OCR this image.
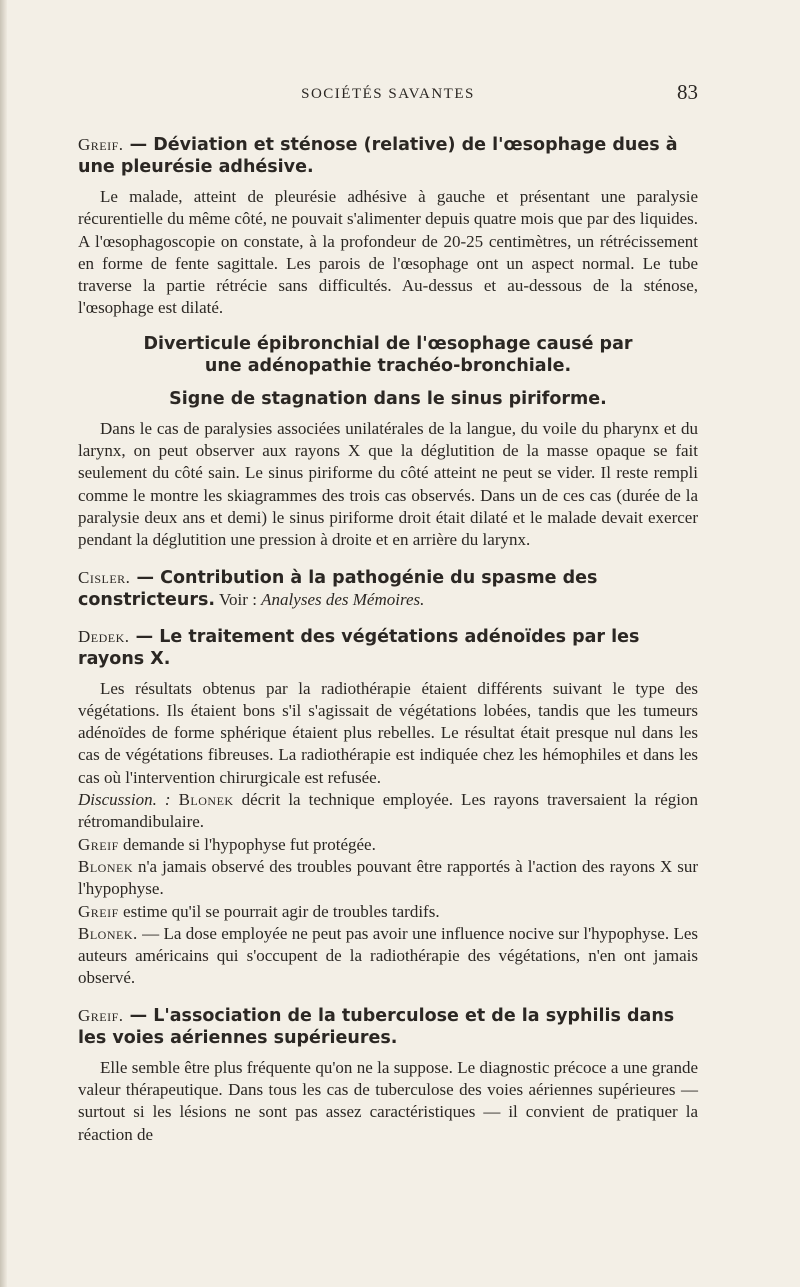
SOCIÉTÉS SAVANTES	83
Greif. — Déviation et sténose (relative) de l'œsophage dues à une pleurésie adhésive.

Le malade, atteint de pleurésie adhésive à gauche et présentant une paralysie récurentielle du même côté, ne pouvait s'alimenter depuis quatre mois que par des liquides. A l'œsophagoscopie on constate, à la profondeur de 20-25 centimètres, un rétrécissement en forme de fente sagittale. Les parois de l'œsophage ont un aspect normal. Le tube traverse la partie rétrécie sans difficultés. Au-dessus et au-dessous de la sténose, l'œsophage est dilaté.

Diverticule épibronchial de l'œsophage causé par
une adénopathie trachéo-bronchiale.
Signe de stagnation dans le sinus piriforme.

Dans le cas de paralysies associées unilatérales de la langue, du voile du pharynx et du larynx, on peut observer aux rayons X que la déglutition de la masse opaque se fait seulement du côté sain. Le sinus piriforme du côté atteint ne peut se vider. Il reste rempli comme le montre les skiagrammes des trois cas observés. Dans un de ces cas (durée de la paralysie deux ans et demi) le sinus piriforme droit était dilaté et le malade devait exercer pendant la déglutition une pression à droite et en arrière du larynx.

Cisler. — Contribution à la pathogénie du spasme des constricteurs. Voir : Analyses des Mémoires.
Dedek. — Le traitement des végétations adénoïdes par les rayons X.

Les résultats obtenus par la radiothérapie étaient différents suivant le type des végétations. Ils étaient bons s'il s'agissait de végétations lobées, tandis que les tumeurs adénoïdes de forme sphérique étaient plus rebelles. Le résultat était presque nul dans les cas de végétations fibreuses. La radiothérapie est indiquée chez les hémophiles et dans les cas où l'intervention chirurgicale est refusée.

Discussion. : Blonek décrit la technique employée. Les rayons traversaient la région rétromandibulaire.

Greif demande si l'hypophyse fut protégée.

Blonek n'a jamais observé des troubles pouvant être rapportés à l'action des rayons X sur l'hypophyse.

Greif estime qu'il se pourrait agir de troubles tardifs.

Blonek. — La dose employée ne peut pas avoir une influence nocive sur l'hypophyse. Les auteurs américains qui s'occupent de la radiothérapie des végétations, n'en ont jamais observé.

Greif. — L'association de la tuberculose et de la syphilis dans les voies aériennes supérieures.

Elle semble être plus fréquente qu'on ne la suppose. Le diagnostic précoce a une grande valeur thérapeutique. Dans tous les cas de tuberculose des voies aériennes supérieures — surtout si les lésions ne sont pas assez caractéristiques — il convient de pratiquer la réaction de
